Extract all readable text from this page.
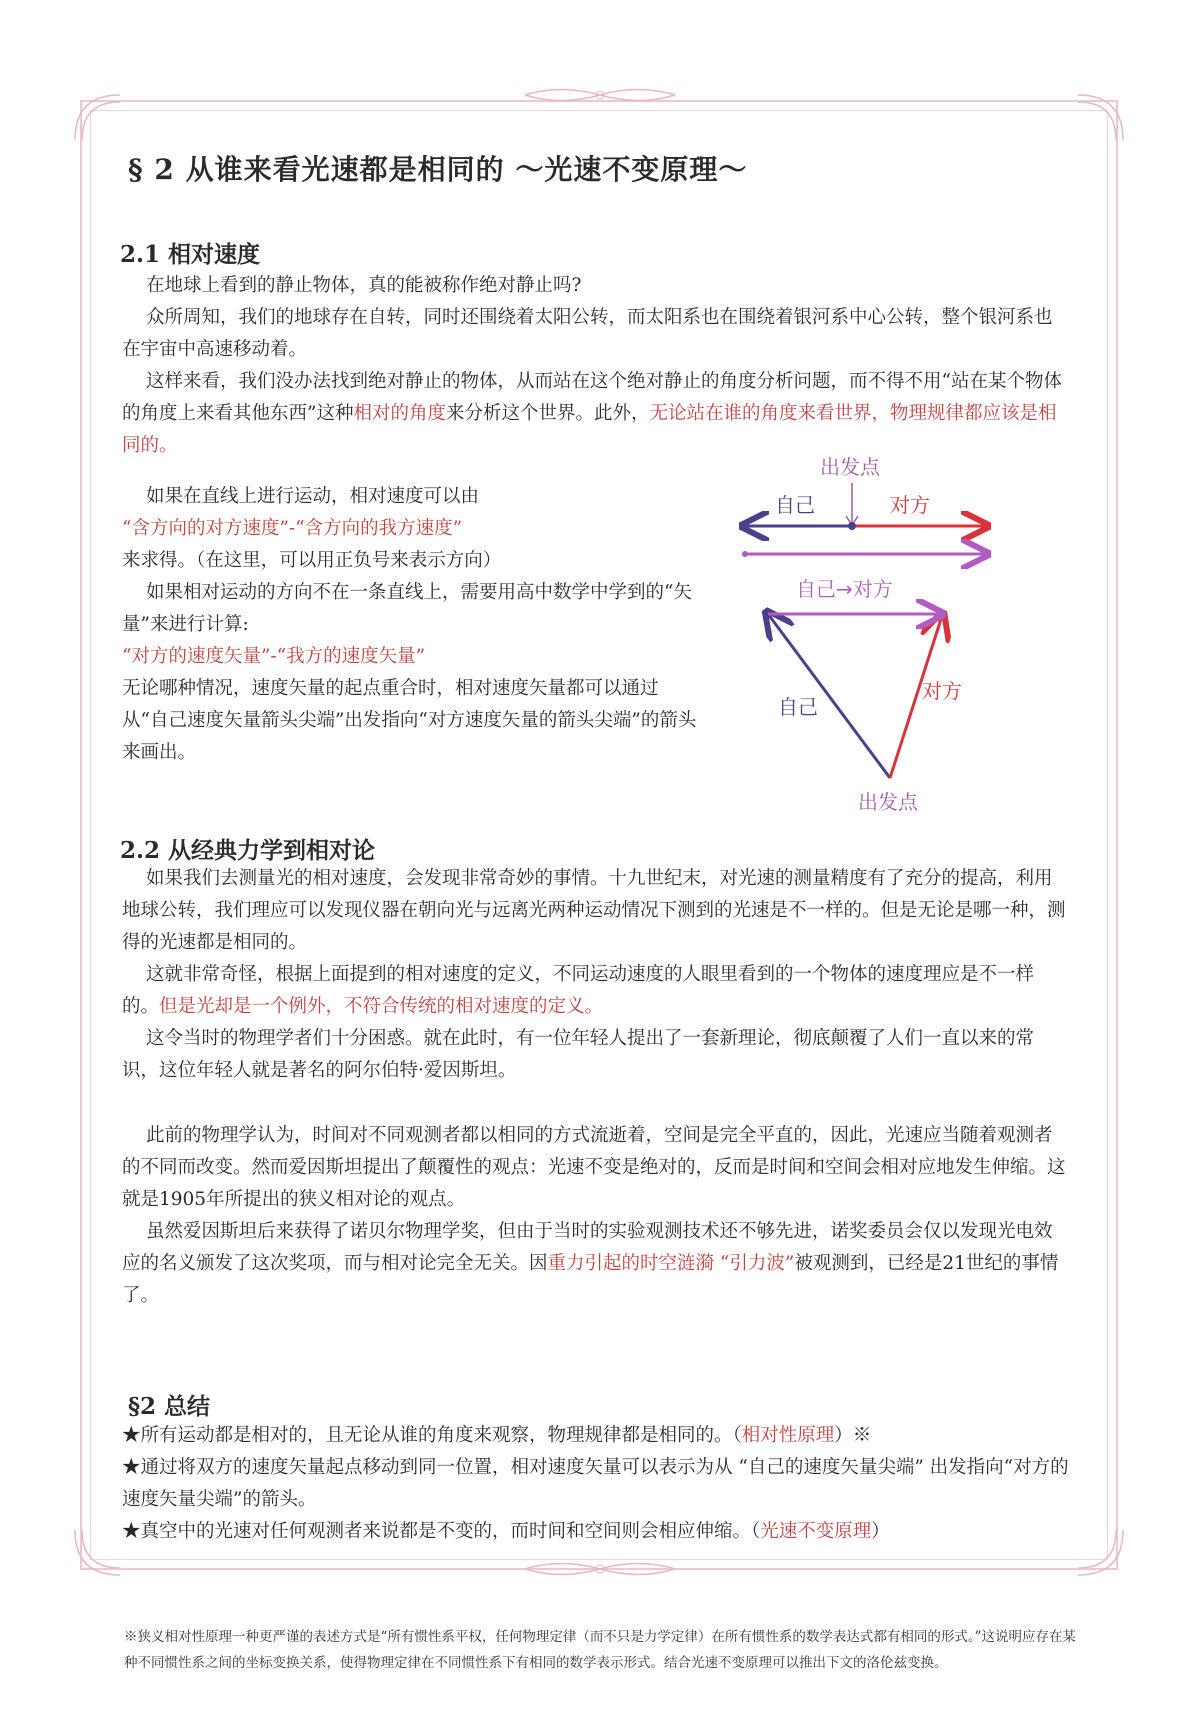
§ 2 从谁来看光速都是相同的 ～光速不变原理～
2.1 相对速度

在地球上看到的静止物体，真的能被称作绝对静止吗?

众所周知，我们的地球存在自转，同时还围绕着太阳公转，而太阳系也在围绕着银河系中心公转，整个银河系也在宇宙中高速移动着。

这样来看，我们没办法找到绝对静止的物体，从而站在这个绝对静止的角度分析问题，而不得不用“站在某个物体的角度上来看其他东西”这种相对的角度来分析这个世界。此外，无论站在谁的角度来看世界，物理规律都应该是相同的。

如果在直线上进行运动，相对速度可以由

“含方向的对方速度”-“含方向的我方速度”

来求得。（在这里，可以用正负号来表示方向）

如果相对运动的方向不在一条直线上，需要用高中数学中学到的“矢量”来进行计算:

“对方的速度矢量”-“我方的速度矢量”

无论哪种情况，速度矢量的起点重合时，相对速度矢量都可以通过从“自己速度矢量箭头尖端”出发指向“对方速度矢量的箭头尖端”的箭头来画出。

出发点
自己	对方
自己→对方
自己
对方
出发点
2.2 从经典力学到相对论

如果我们去测量光的相对速度，会发现非常奇妙的事情。十九世纪末，对光速的测量精度有了充分的提高，利用地球公转，我们理应可以发现仪器在朝向光与远离光两种运动情况下测到的光速是不一样的。但是无论是哪一种，测得的光速都是相同的。

这就非常奇怪，根据上面提到的相对速度的定义，不同运动速度的人眼里看到的一个物体的速度理应是不一样的。但是光却是一个例外，不符合传统的相对速度的定义。

这令当时的物理学者们十分困惑。就在此时，有一位年轻人提出了一套新理论，彻底颠覆了人们一直以来的常识，这位年轻人就是著名的阿尔伯特·爱因斯坦。

此前的物理学认为，时间对不同观测者都以相同的方式流逝着，空间是完全平直的，因此，光速应当随着观测者的不同而改变。然而爱因斯坦提出了颠覆性的观点：光速不变是绝对的，反而是时间和空间会相对应地发生伸缩。这就是1905年所提出的狭义相对论的观点。

虽然爱因斯坦后来获得了诺贝尔物理学奖，但由于当时的实验观测技术还不够先进，诺奖委员会仅以发现光电效应的名义颁发了这次奖项，而与相对论完全无关。因重力引起的时空涟漪 “引力波”被观测到，已经是21世纪的事情了。

§2 总结

★所有运动都是相对的，且无论从谁的角度来观察，物理规律都是相同的。（相对性原理）※

★通过将双方的速度矢量起点移动到同一位置，相对速度矢量可以表示为从 “自己的速度矢量尖端” 出发指向“对方的速度矢量尖端”的箭头。

★真空中的光速对任何观测者来说都是不变的，而时间和空间则会相应伸缩。（光速不变原理）

※狭义相对性原理一种更严谨的表述方式是“所有惯性系平权，任何物理定律（而不只是力学定律）在所有惯性系的数学表达式都有相同的形式。”这说明应存在某种不同惯性系之间的坐标变换关系，使得物理定律在不同惯性系下有相同的数学表示形式。结合光速不变原理可以推出下文的洛伦兹变换。
